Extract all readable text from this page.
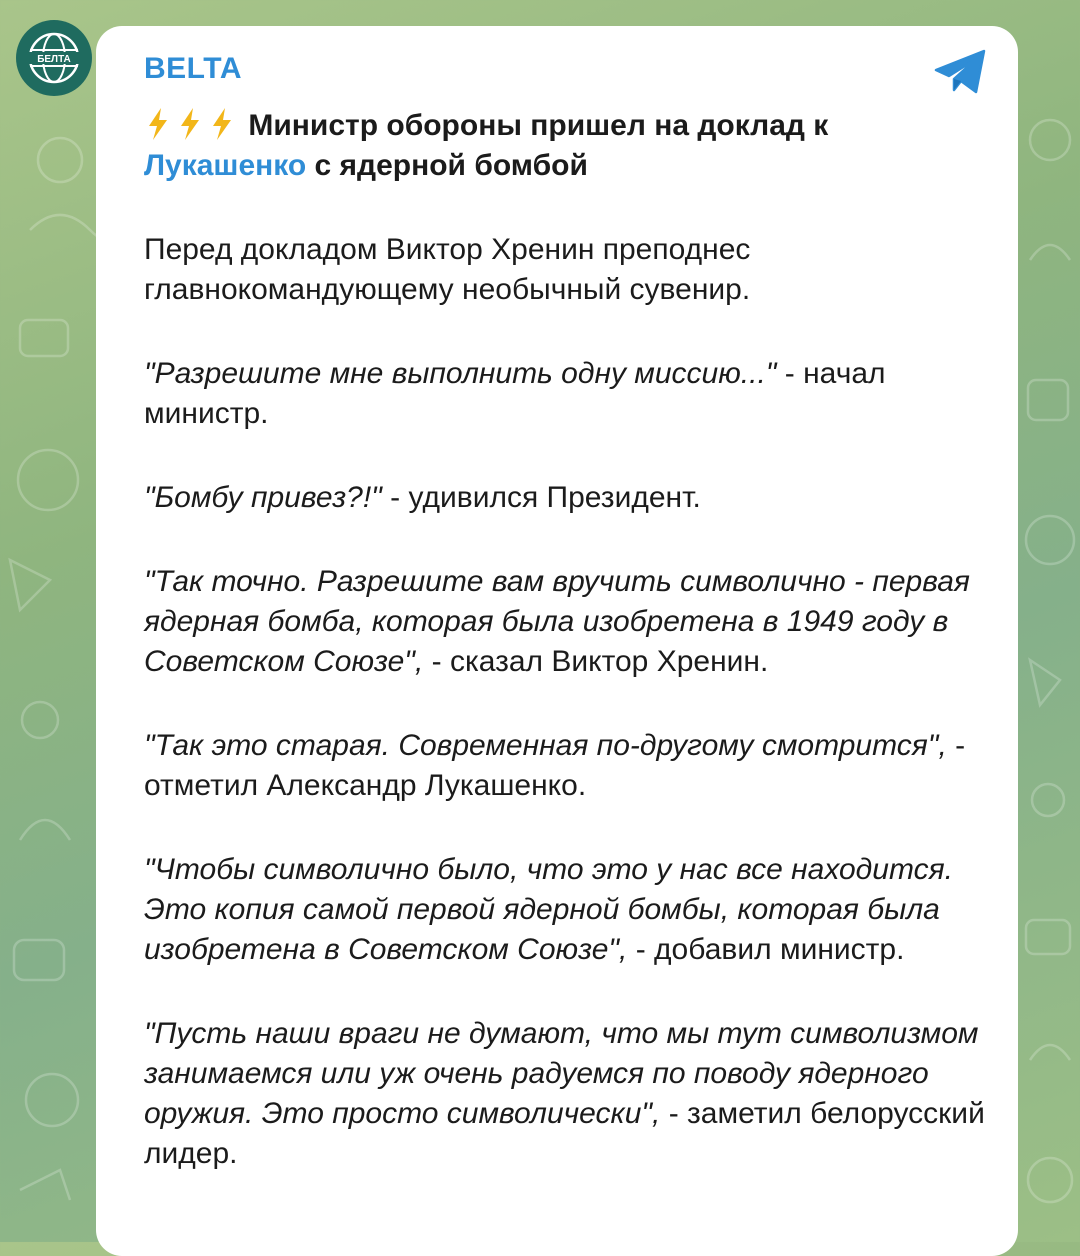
БЕЛТА BELTA

Министр обороны пришел на доклад к Лукашенко с ядерной бомбой

Перед докладом Виктор Хренин преподнес главнокомандующему необычный сувенир.

"Разрешите мне выполнить одну миссию..." - начал министр.

"Бомбу привез?!" - удивился Президент.

"Так точно. Разрешите вам вручить символично - первая ядерная бомба, которая была изобретена в 1949 году в Советском Союзе", - сказал Виктор Хренин.

"Так это старая. Современная по-другому смотрится", - отметил Александр Лукашенко.

"Чтобы символично было, что это у нас все находится. Это копия самой первой ядерной бомбы, которая была изобретена в Советском Союзе", - добавил министр.

"Пусть наши враги не думают, что мы тут символизмом занимаемся или уж очень радуемся по поводу ядерного оружия. Это просто символически", - заметил белорусский лидер.
